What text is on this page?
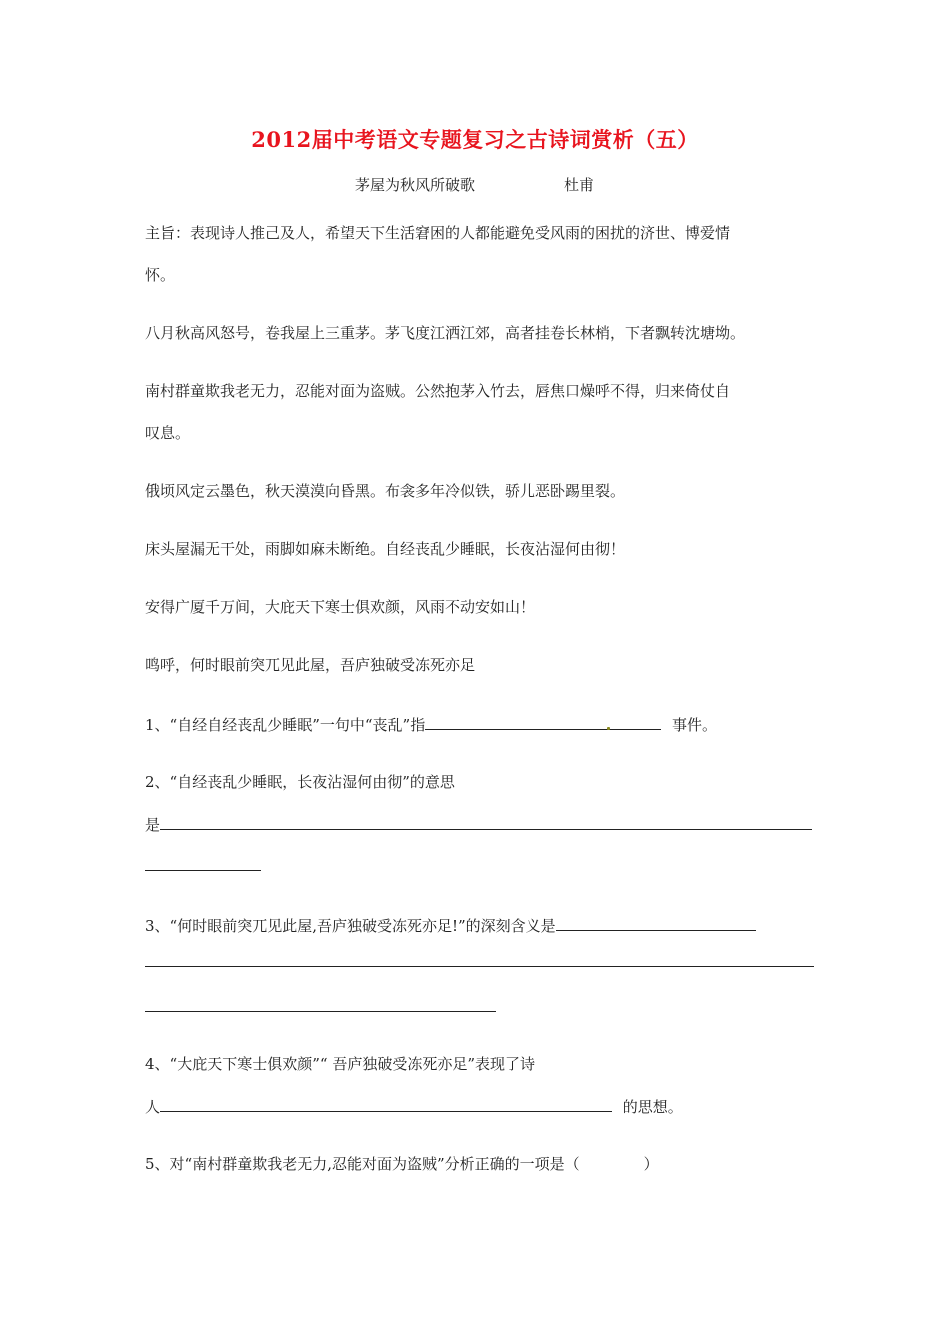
2012届中考语文专题复习之古诗词赏析（五）
茅屋为秋风所破歌	杜甫
主旨：表现诗人推己及人，希望天下生活窘困的人都能避免受风雨的困扰的济世、博爱情
怀。
八月秋高风怒号，卷我屋上三重茅。茅飞度江洒江郊，高者挂卷长林梢，下者飘转沈塘坳。
南村群童欺我老无力，忍能对面为盗贼。公然抱茅入竹去，唇焦口燥呼不得，归来倚仗自
叹息。
俄顷风定云墨色，秋天漠漠向昏黑。布衾多年冷似铁，骄儿恶卧踢里裂。
床头屋漏无干处，雨脚如麻未断绝。自经丧乱少睡眠，长夜沾湿何由彻！
安得广厦千万间，大庇天下寒士俱欢颜，风雨不动安如山！
鸣呼，何时眼前突兀见此屋，吾庐独破受冻死亦足
1、“自经自经丧乱少睡眠”一句中“丧乱”指	事件。
2、“自经丧乱少睡眠，长夜沾湿何由彻”的意思
是
3、“何时眼前突兀见此屋,吾庐独破受冻死亦足!”的深刻含义是
4、“大庇天下寒士俱欢颜”“ 吾庐独破受冻死亦足”表现了诗
人	的思想。
5、对“南村群童欺我老无力,忍能对面为盗贼”分析正确的一项是（	）
